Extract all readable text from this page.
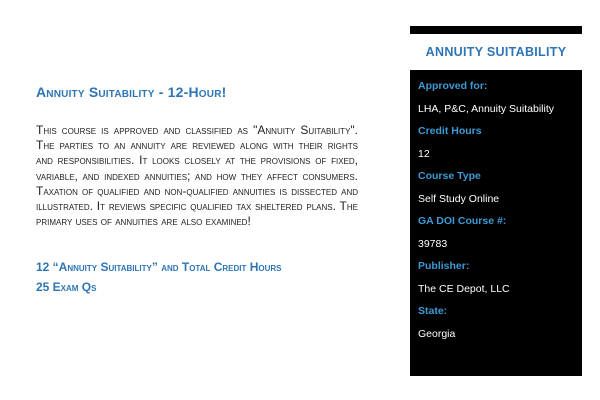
Annuity Suitability - 12-Hour!

This course is approved and classified as "Annuity Suitability". The parties to an annuity are reviewed along with their rights and responsibilities. It looks closely at the provisions of fixed, variable, and indexed annuities; and how they affect consumers. Taxation of qualified and non-qualified annuities is dissected and illustrated. It reviews specific qualified tax sheltered plans. The primary uses of annuities are also examined!

12 “Annuity Suitability” and Total Credit Hours
25 Exam Qs
ANNUITY SUITABILITY
Approved for:
LHA, P&C, Annuity Suitability
Credit Hours
12
Course Type
Self Study Online
GA DOI Course #:
39783
Publisher:
The CE Depot, LLC
State:
Georgia
